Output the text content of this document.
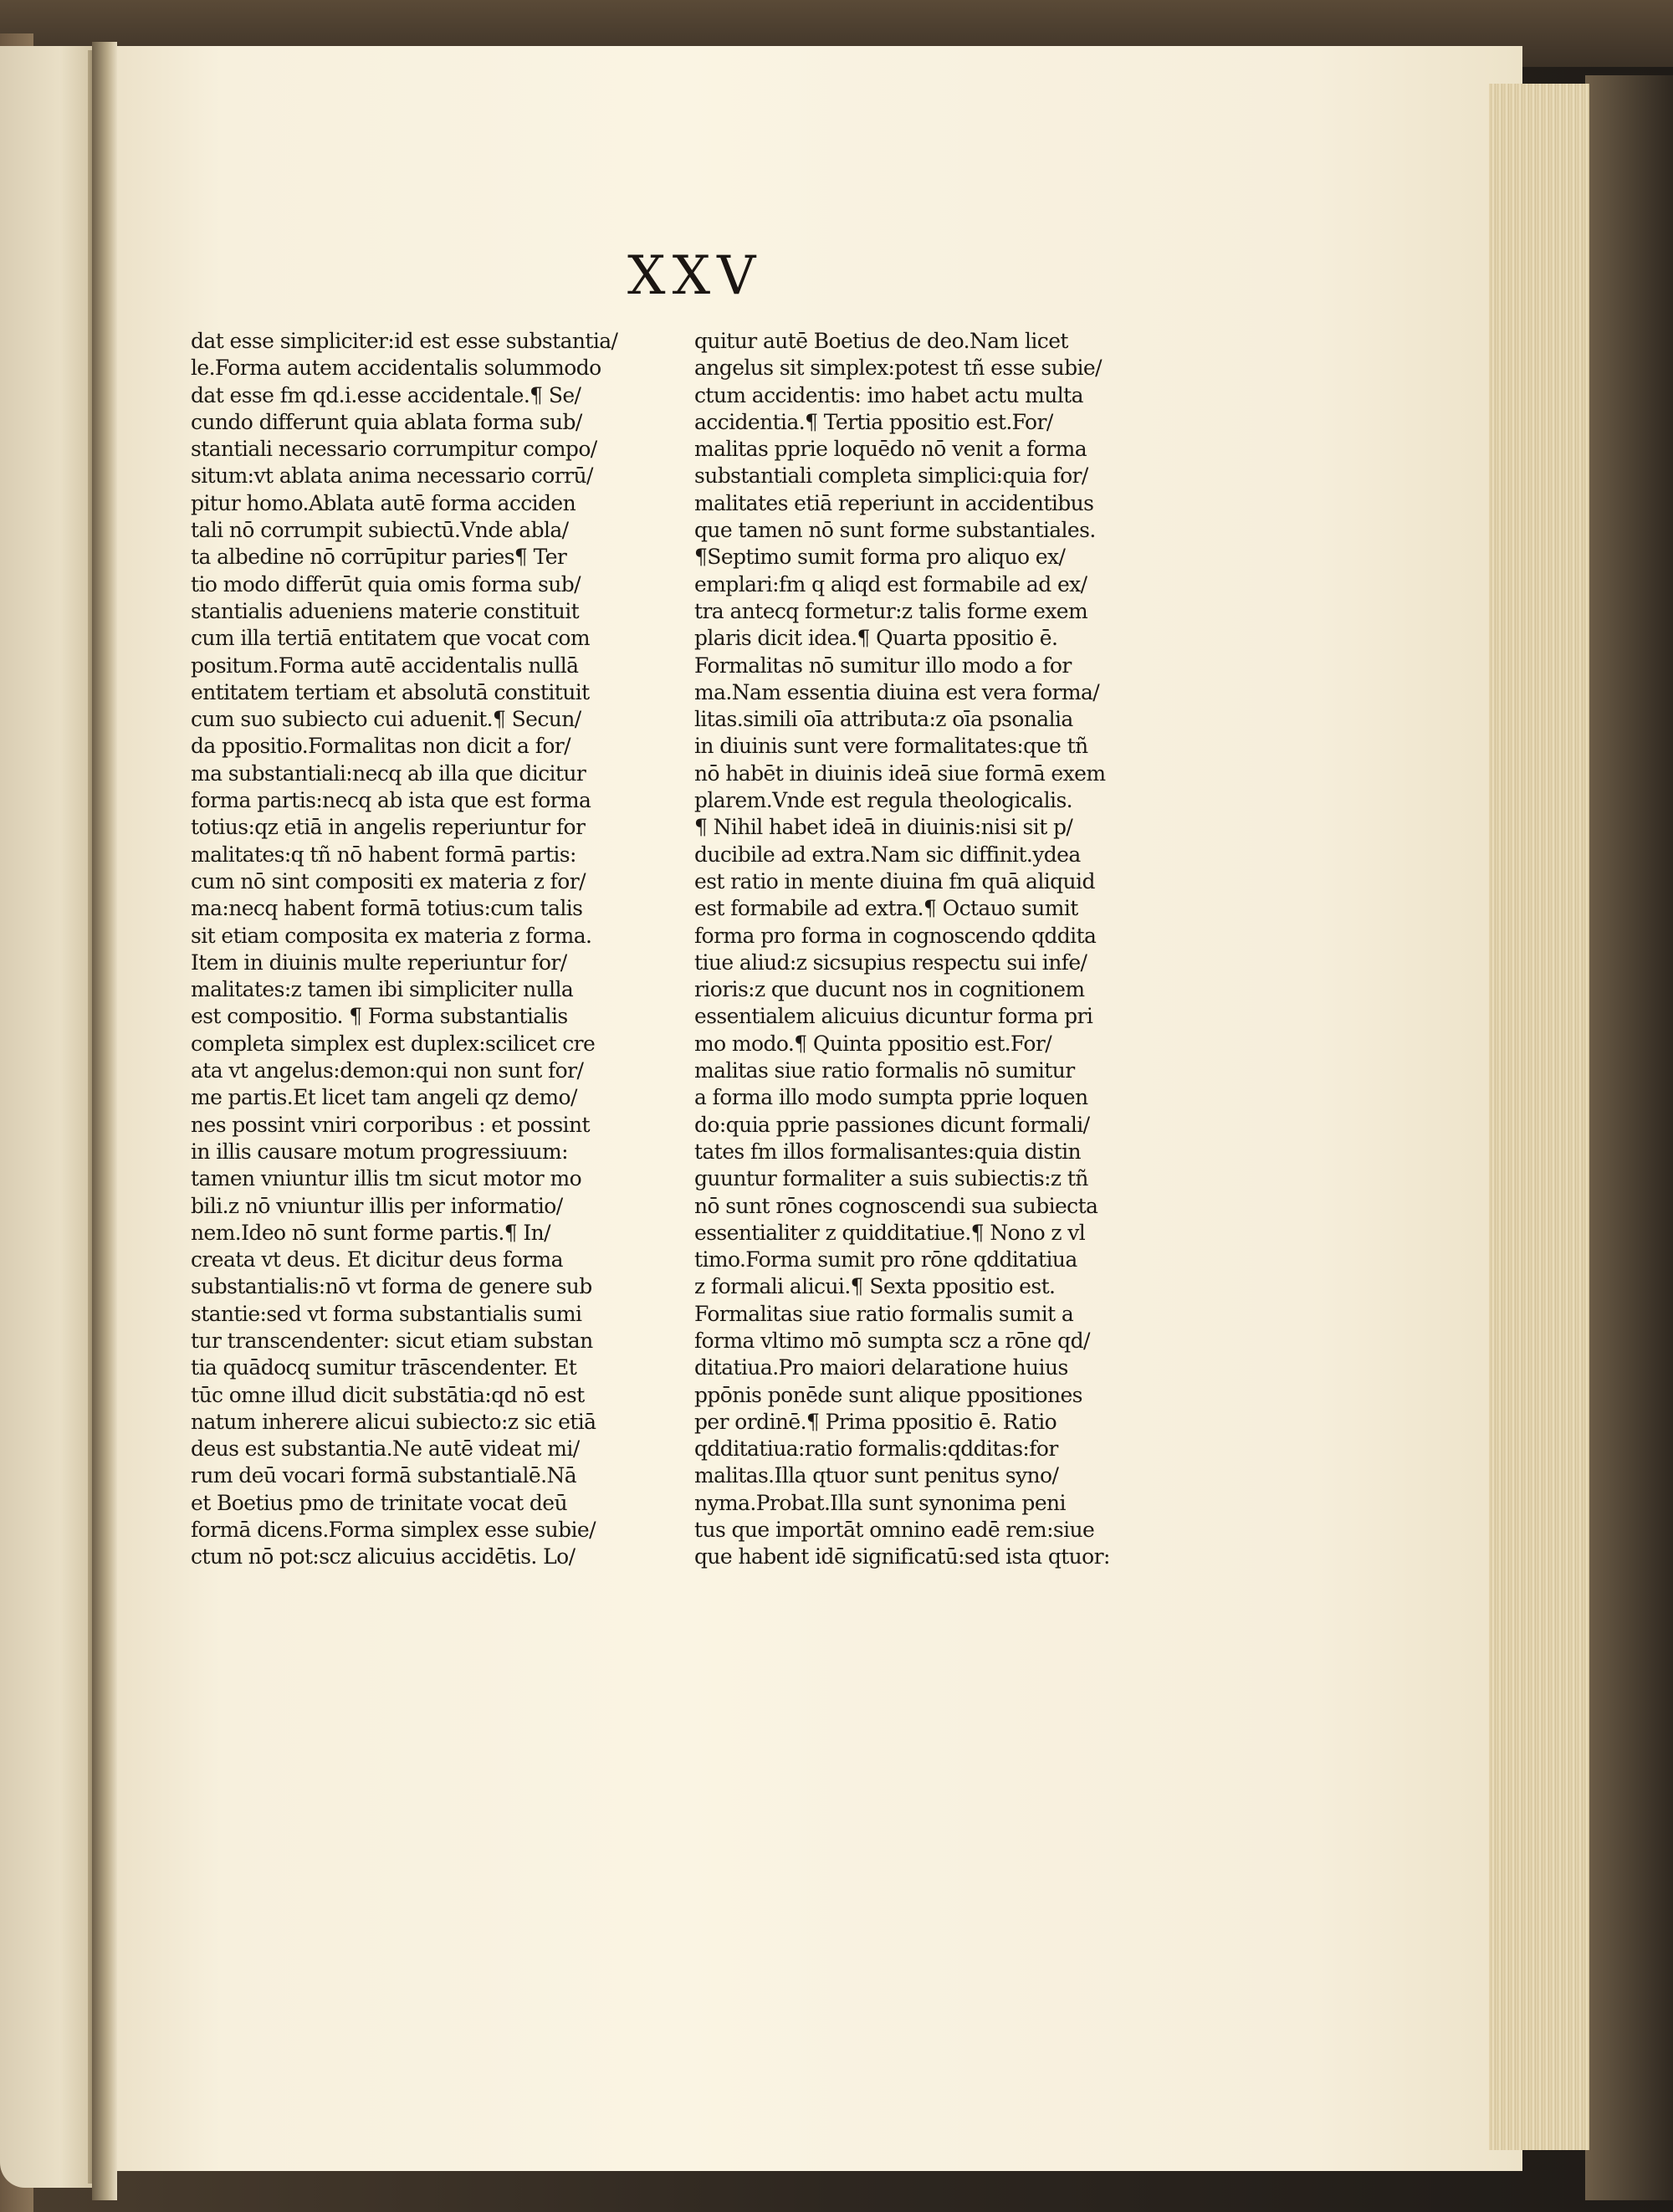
XXV
dat esse simpliciter:id est esse substantia/
le.Forma autem accidentalis solummodo
dat esse fm qd.i.esse accidentale.¶ Se/
cundo differunt quia ablata forma sub/
stantiali necessario corrumpitur compo/
situm:vt ablata anima necessario corrū/
pitur homo.Ablata autē forma acciden
tali nō corrumpit subiectū.Vnde abla/
ta albedine nō corrūpitur paries¶ Ter
tio modo differūt quia omis forma sub/
stantialis adueniens materie constituit
cum illa tertiā entitatem que vocat com
positum.Forma autē accidentalis nullā
entitatem tertiam et absolutā constituit
cum suo subiecto cui aduenit.¶ Secun/
da ppositio.Formalitas non dicit a for/
ma substantiali:necq ab illa que dicitur
forma partis:necq ab ista que est forma
totius:qz etiā in angelis reperiuntur for
malitates:q tñ nō habent formā partis:
cum nō sint compositi ex materia z for/
ma:necq habent formā totius:cum talis
sit etiam composita ex materia z forma.
Item in diuinis multe reperiuntur for/
malitates:z tamen ibi simpliciter nulla
est compositio. ¶ Forma substantialis
completa simplex est duplex:scilicet cre
ata vt angelus:demon:qui non sunt for/
me partis.Et licet tam angeli qz demo/
nes possint vniri corporibus : et possint
in illis causare motum progressiuum:
tamen vniuntur illis tm sicut motor mo
bili.z nō vniuntur illis per informatio/
nem.Ideo nō sunt forme partis.¶ In/
creata vt deus. Et dicitur deus forma
substantialis:nō vt forma de genere sub
stantie:sed vt forma substantialis sumi
tur transcendenter: sicut etiam substan
tia quādocq sumitur trāscendenter. Et
tūc omne illud dicit substātia:qd nō est
natum inherere alicui subiecto:z sic etiā
deus est substantia.Ne autē videat mi/
rum deū vocari formā substantialē.Nā
et Boetius pmo de trinitate vocat deū
formā dicens.Forma simplex esse subie/
ctum nō pot:scz alicuius accidētis. Lo/
quitur autē Boetius de deo.Nam licet
angelus sit simplex:potest tñ esse subie/
ctum accidentis: imo habet actu multa
accidentia.¶ Tertia ppositio est.For/
malitas pprie loquēdo nō venit a forma
substantiali completa simplici:quia for/
malitates etiā reperiunt in accidentibus
que tamen nō sunt forme substantiales.
¶Septimo sumit forma pro aliquo ex/
emplari:fm q aliqd est formabile ad ex/
tra antecq formetur:z talis forme exem
plaris dicit idea.¶ Quarta ppositio ē.
Formalitas nō sumitur illo modo a for
ma.Nam essentia diuina est vera forma/
litas.simili oīa attributa:z oīa psonalia
in diuinis sunt vere formalitates:que tñ
nō habēt in diuinis ideā siue formā exem
plarem.Vnde est regula theologicalis.
¶ Nihil habet ideā in diuinis:nisi sit p/
ducibile ad extra.Nam sic diffinit.ydea
est ratio in mente diuina fm quā aliquid
est formabile ad extra.¶ Octauo sumit
forma pro forma in cognoscendo qddita
tiue aliud:z sicsupius respectu sui infe/
rioris:z que ducunt nos in cognitionem
essentialem alicuius dicuntur forma pri
mo modo.¶ Quinta ppositio est.For/
malitas siue ratio formalis nō sumitur
a forma illo modo sumpta pprie loquen
do:quia pprie passiones dicunt formali/
tates fm illos formalisantes:quia distin
guuntur formaliter a suis subiectis:z tñ
nō sunt rōnes cognoscendi sua subiecta
essentialiter z quidditatiue.¶ Nono z vl
timo.Forma sumit pro rōne qdditatiua
z formali alicui.¶ Sexta ppositio est.
Formalitas siue ratio formalis sumit a
forma vltimo mō sumpta scz a rōne qd/
ditatiua.Pro maiori delaratione huius
ppōnis ponēde sunt alique ppositiones
per ordinē.¶ Prima ppositio ē. Ratio
qdditatiua:ratio formalis:qdditas:for
malitas.Illa qtuor sunt penitus syno/
nyma.Probat.Illa sunt synonima peni
tus que importāt omnino eadē rem:siue
que habent idē significatū:sed ista qtuor:
